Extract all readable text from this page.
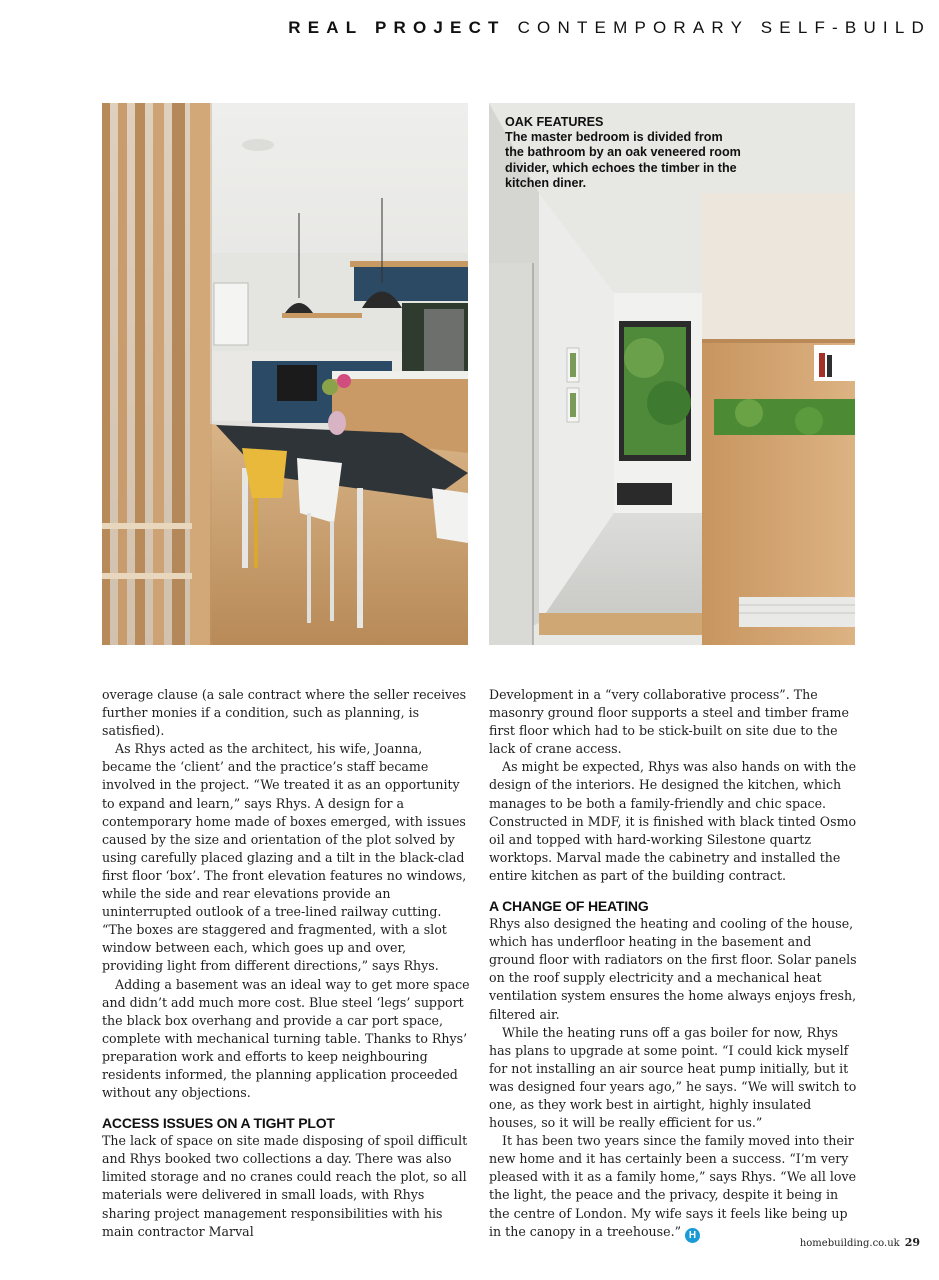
REAL PROJECT CONTEMPORARY SELF-BUILD
OAK FEATURES
The master bedroom is divided from the bathroom by an oak veneered room divider, which echoes the timber in the kitchen diner.

overage clause (a sale contract where the seller receives further monies if a condition, such as planning, is satisfied).

As Rhys acted as the architect, his wife, Joanna, became the ‘client’ and the practice’s staff became involved in the project. “We treated it as an opportunity to expand and learn,” says Rhys. A design for a contemporary home made of boxes emerged, with issues caused by the size and orientation of the plot solved by using carefully placed glazing and a tilt in the black-clad first floor ‘box’. The front elevation features no windows, while the side and rear elevations provide an uninterrupted outlook of a tree-lined railway cutting. “The boxes are staggered and fragmented, with a slot window between each, which goes up and over, providing light from different directions,” says Rhys.

Adding a basement was an ideal way to get more space and didn’t add much more cost. Blue steel ‘legs’ support the black box overhang and provide a car port space, complete with mechanical turning table. Thanks to Rhys’ preparation work and efforts to keep neighbouring residents informed, the planning application proceeded without any objections.

ACCESS ISSUES ON A TIGHT PLOT

The lack of space on site made disposing of spoil difficult and Rhys booked two collections a day. There was also limited storage and no cranes could reach the plot, so all materials were delivered in small loads, with Rhys sharing project management responsibilities with his main contractor Marval

Development in a “very collaborative process”. The masonry ground floor supports a steel and timber frame first floor which had to be stick-built on site due to the lack of crane access.

As might be expected, Rhys was also hands on with the design of the interiors. He designed the kitchen, which manages to be both a family-friendly and chic space. Constructed in MDF, it is finished with black tinted Osmo oil and topped with hard-working Silestone quartz worktops. Marval made the cabinetry and installed the entire kitchen as part of the building contract.

A CHANGE OF HEATING

Rhys also designed the heating and cooling of the house, which has underfloor heating in the basement and ground floor with radiators on the first floor. Solar panels on the roof supply electricity and a mechanical heat ventilation system ensures the home always enjoys fresh, filtered air.

While the heating runs off a gas boiler for now, Rhys has plans to upgrade at some point. “I could kick myself for not installing an air source heat pump initially, but it was designed four years ago,” he says. “We will switch to one, as they work best in airtight, highly insulated houses, so it will be really efficient for us.”

It has been two years since the family moved into their new home and it has certainly been a success. “I’m very pleased with it as a family home,” says Rhys. “We all love the light, the peace and the privacy, despite it being in the centre of London. My wife says it feels like being up in the canopy in a treehouse.” H

homebuilding.co.uk 29
